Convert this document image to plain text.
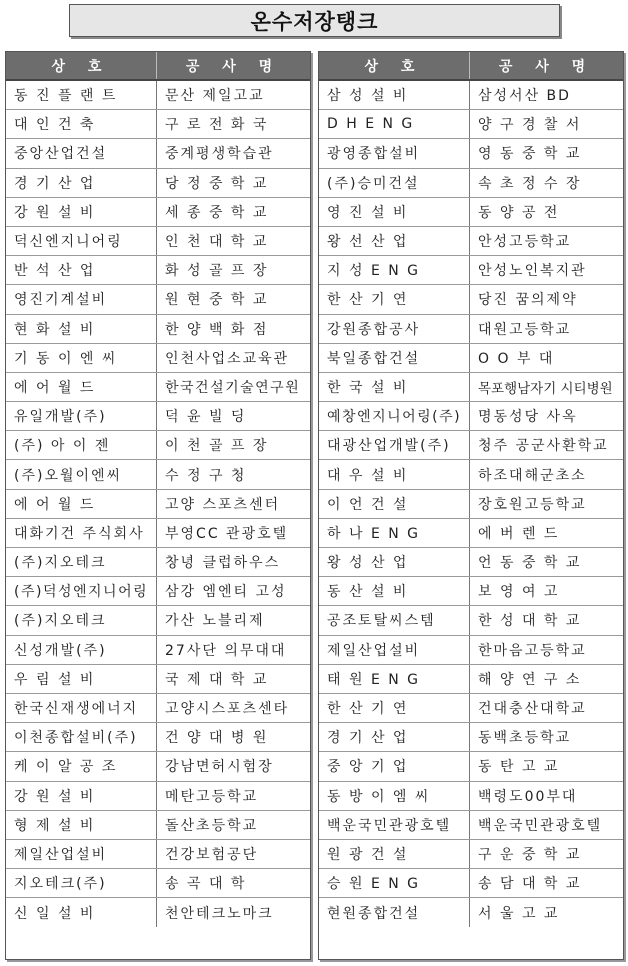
온수저장탱크
상 호	공 사 명
동 진 플 랜 트	문산 제일고교
대 인 건 축	구 로 전 화 국
중앙산업건설	중계평생학습관
경 기 산 업	당 정 중 학 교
강 원 설 비	세 종 중 학 교
덕신엔지니어링	인 천 대 학 교
반 석 산 업	화 성 골 프 장
영진기계설비	원 현 중 학 교
현 화 설 비	한 양 백 화 점
기 동 이 엔 씨	인천사업소교육관
에 어 월 드	한국건설기술연구원
유일개발(주)	덕 윤 빌 딩
(주) 아 이 젠	이 천 골 프 장
(주)오월이엔씨	수 정 구 청
에 어 월 드	고양 스포츠센터
대화기건 주식회사	부영CC 관광호텔
(주)지오테크	창녕 클럽하우스
(주)덕성엔지니어링	삼강 엠엔티 고성
(주)지오테크	가산 노블리제
신성개발(주)	27사단 의무대대
우 림 설 비	국 제 대 학 교
한국신재생에너지	고양시스포츠센타
이천종합설비(주)	건 양 대 병 원
케 이 알 공 조	강남면허시험장
강 원 설 비	메탄고등학교
형 제 설 비	돌산초등학교
제일산업설비	건강보험공단
지오테크(주)	송 곡 대 학
신 일 설 비	천안테크노마크
상 호	공 사 명
삼 성 설 비	삼성서산 BD
D H E N G	양 구 경 찰 서
광영종합설비	영 동 중 학 교
(주)승미건설	속 초 정 수 장
영 진 설 비	동 양 공 전
왕 선 산 업	안성고등학교
지 성 E N G	안성노인복지관
한 산 기 연	당진 꿈의제약
강원종합공사	대원고등학교
북일종합건설	O O 부 대
한 국 설 비	목포행남자기 시티병원
예창엔지니어링(주)	명동성당 사옥
대광산업개발(주)	청주 공군사환학교
대 우 설 비	하조대해군초소
이 언 건 설	장호원고등학교
하 나 E N G	에 버 렌 드
왕 성 산 업	언 동 중 학 교
동 산 설 비	보 영 여 고
공조토탈씨스템	한 성 대 학 교
제일산업설비	한마음고등학교
태 원 E N G	해 양 연 구 소
한 산 기 연	건대충산대학교
경 기 산 업	동백초등학교
중 앙 기 업	동 탄 고 교
동 방 이 엠 씨	백령도00부대
백운국민관광호텔	백운국민관광호텔
원 광 건 설	구 운 중 학 교
승 원 E N G	송 담 대 학 교
현원종합건설	서 울 고 교
